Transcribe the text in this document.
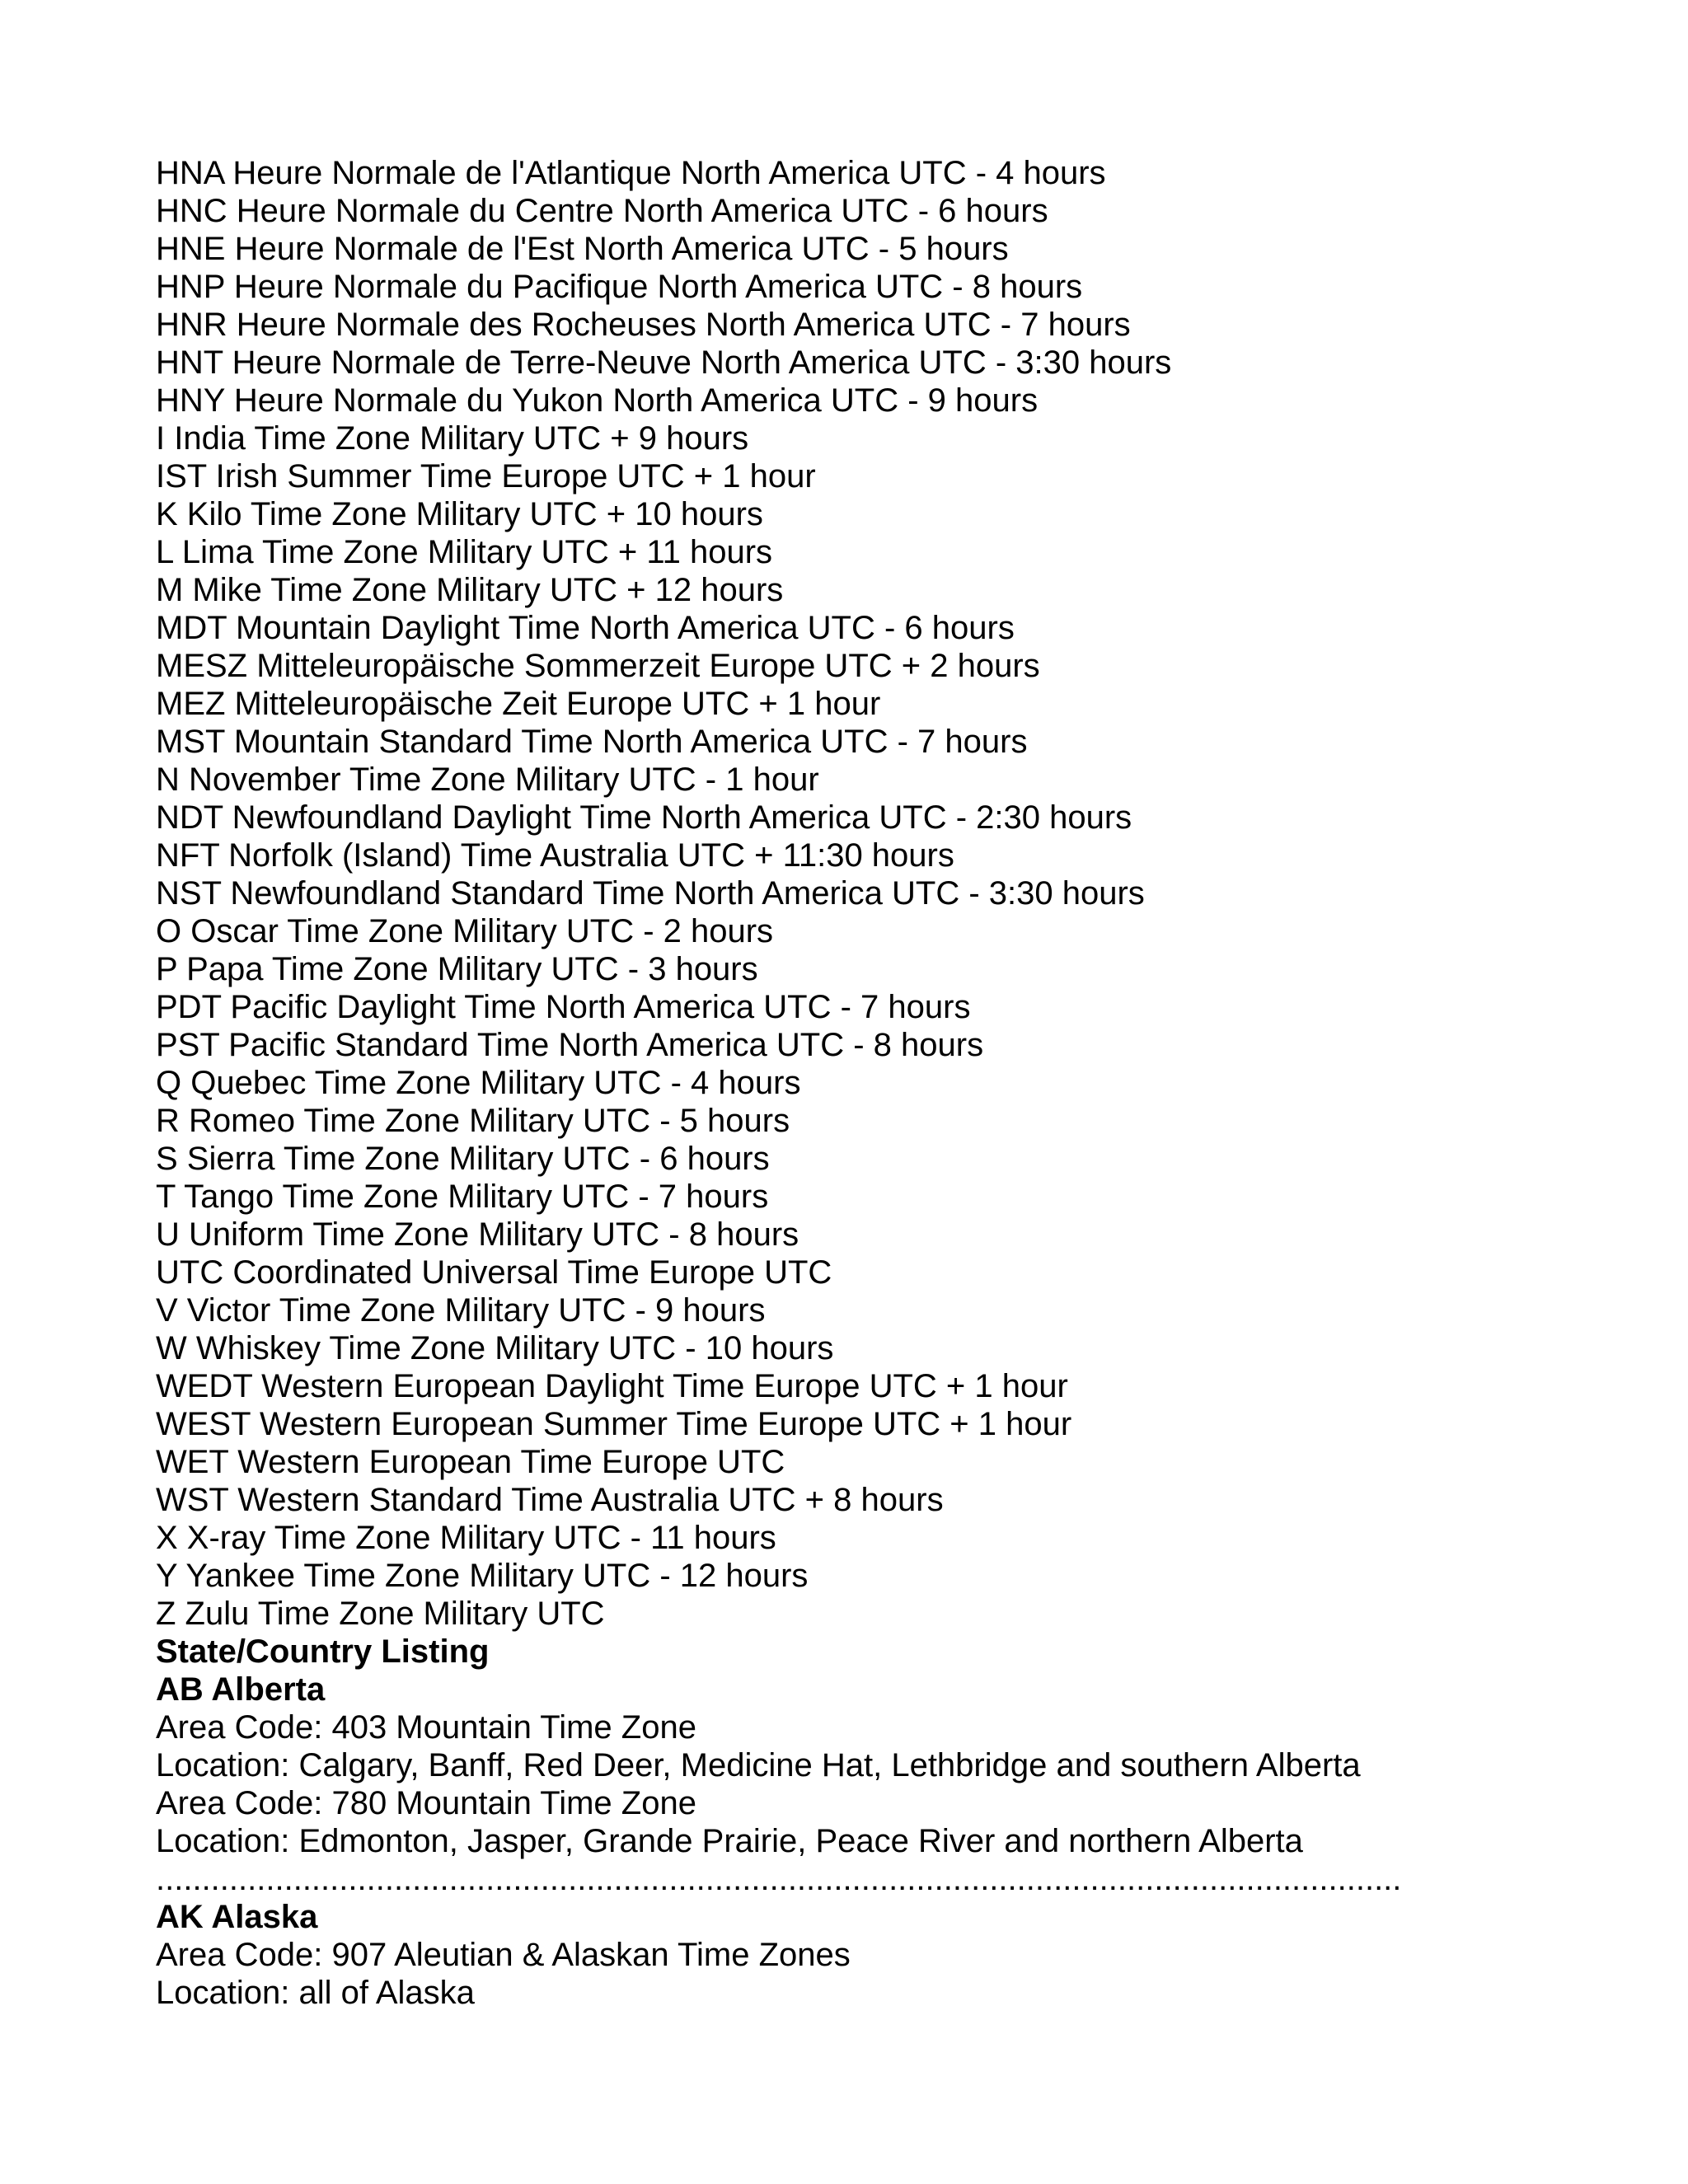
HNA Heure Normale de l'Atlantique North America UTC - 4 hours
HNC Heure Normale du Centre North America UTC - 6 hours
HNE Heure Normale de l'Est North America UTC - 5 hours
HNP Heure Normale du Pacifique North America UTC - 8 hours
HNR Heure Normale des Rocheuses North America UTC - 7 hours
HNT Heure Normale de Terre-Neuve North America UTC - 3:30 hours
HNY Heure Normale du Yukon North America UTC - 9 hours
I India Time Zone Military UTC + 9 hours
IST Irish Summer Time Europe UTC + 1 hour
K Kilo Time Zone Military UTC + 10 hours
L Lima Time Zone Military UTC + 11 hours
M Mike Time Zone Military UTC + 12 hours
MDT Mountain Daylight Time North America UTC - 6 hours
MESZ Mitteleuropäische Sommerzeit Europe UTC + 2 hours
MEZ Mitteleuropäische Zeit Europe UTC + 1 hour
MST Mountain Standard Time North America UTC - 7 hours
N November Time Zone Military UTC - 1 hour
NDT Newfoundland Daylight Time North America UTC - 2:30 hours
NFT Norfolk (Island) Time Australia UTC + 11:30 hours
NST Newfoundland Standard Time North America UTC - 3:30 hours
O Oscar Time Zone Military UTC - 2 hours
P Papa Time Zone Military UTC - 3 hours
PDT Pacific Daylight Time North America UTC - 7 hours
PST Pacific Standard Time North America UTC - 8 hours
Q Quebec Time Zone Military UTC - 4 hours
R Romeo Time Zone Military UTC - 5 hours
S Sierra Time Zone Military UTC - 6 hours
T Tango Time Zone Military UTC - 7 hours
U Uniform Time Zone Military UTC - 8 hours
UTC Coordinated Universal Time Europe UTC
V Victor Time Zone Military UTC - 9 hours
W Whiskey Time Zone Military UTC - 10 hours
WEDT Western European Daylight Time Europe UTC + 1 hour
WEST Western European Summer Time Europe UTC + 1 hour
WET Western European Time Europe UTC
WST Western Standard Time Australia UTC + 8 hours
X X-ray Time Zone Military UTC - 11 hours
Y Yankee Time Zone Military UTC - 12 hours
Z Zulu Time Zone Military UTC
State/Country Listing
AB Alberta
Area Code: 403 Mountain Time Zone
Location: Calgary, Banff, Red Deer, Medicine Hat, Lethbridge and southern Alberta
Area Code: 780 Mountain Time Zone
Location: Edmonton, Jasper, Grande Prairie, Peace River and northern Alberta
........................................................................................................................................
AK Alaska
Area Code: 907 Aleutian & Alaskan Time Zones
Location: all of Alaska
